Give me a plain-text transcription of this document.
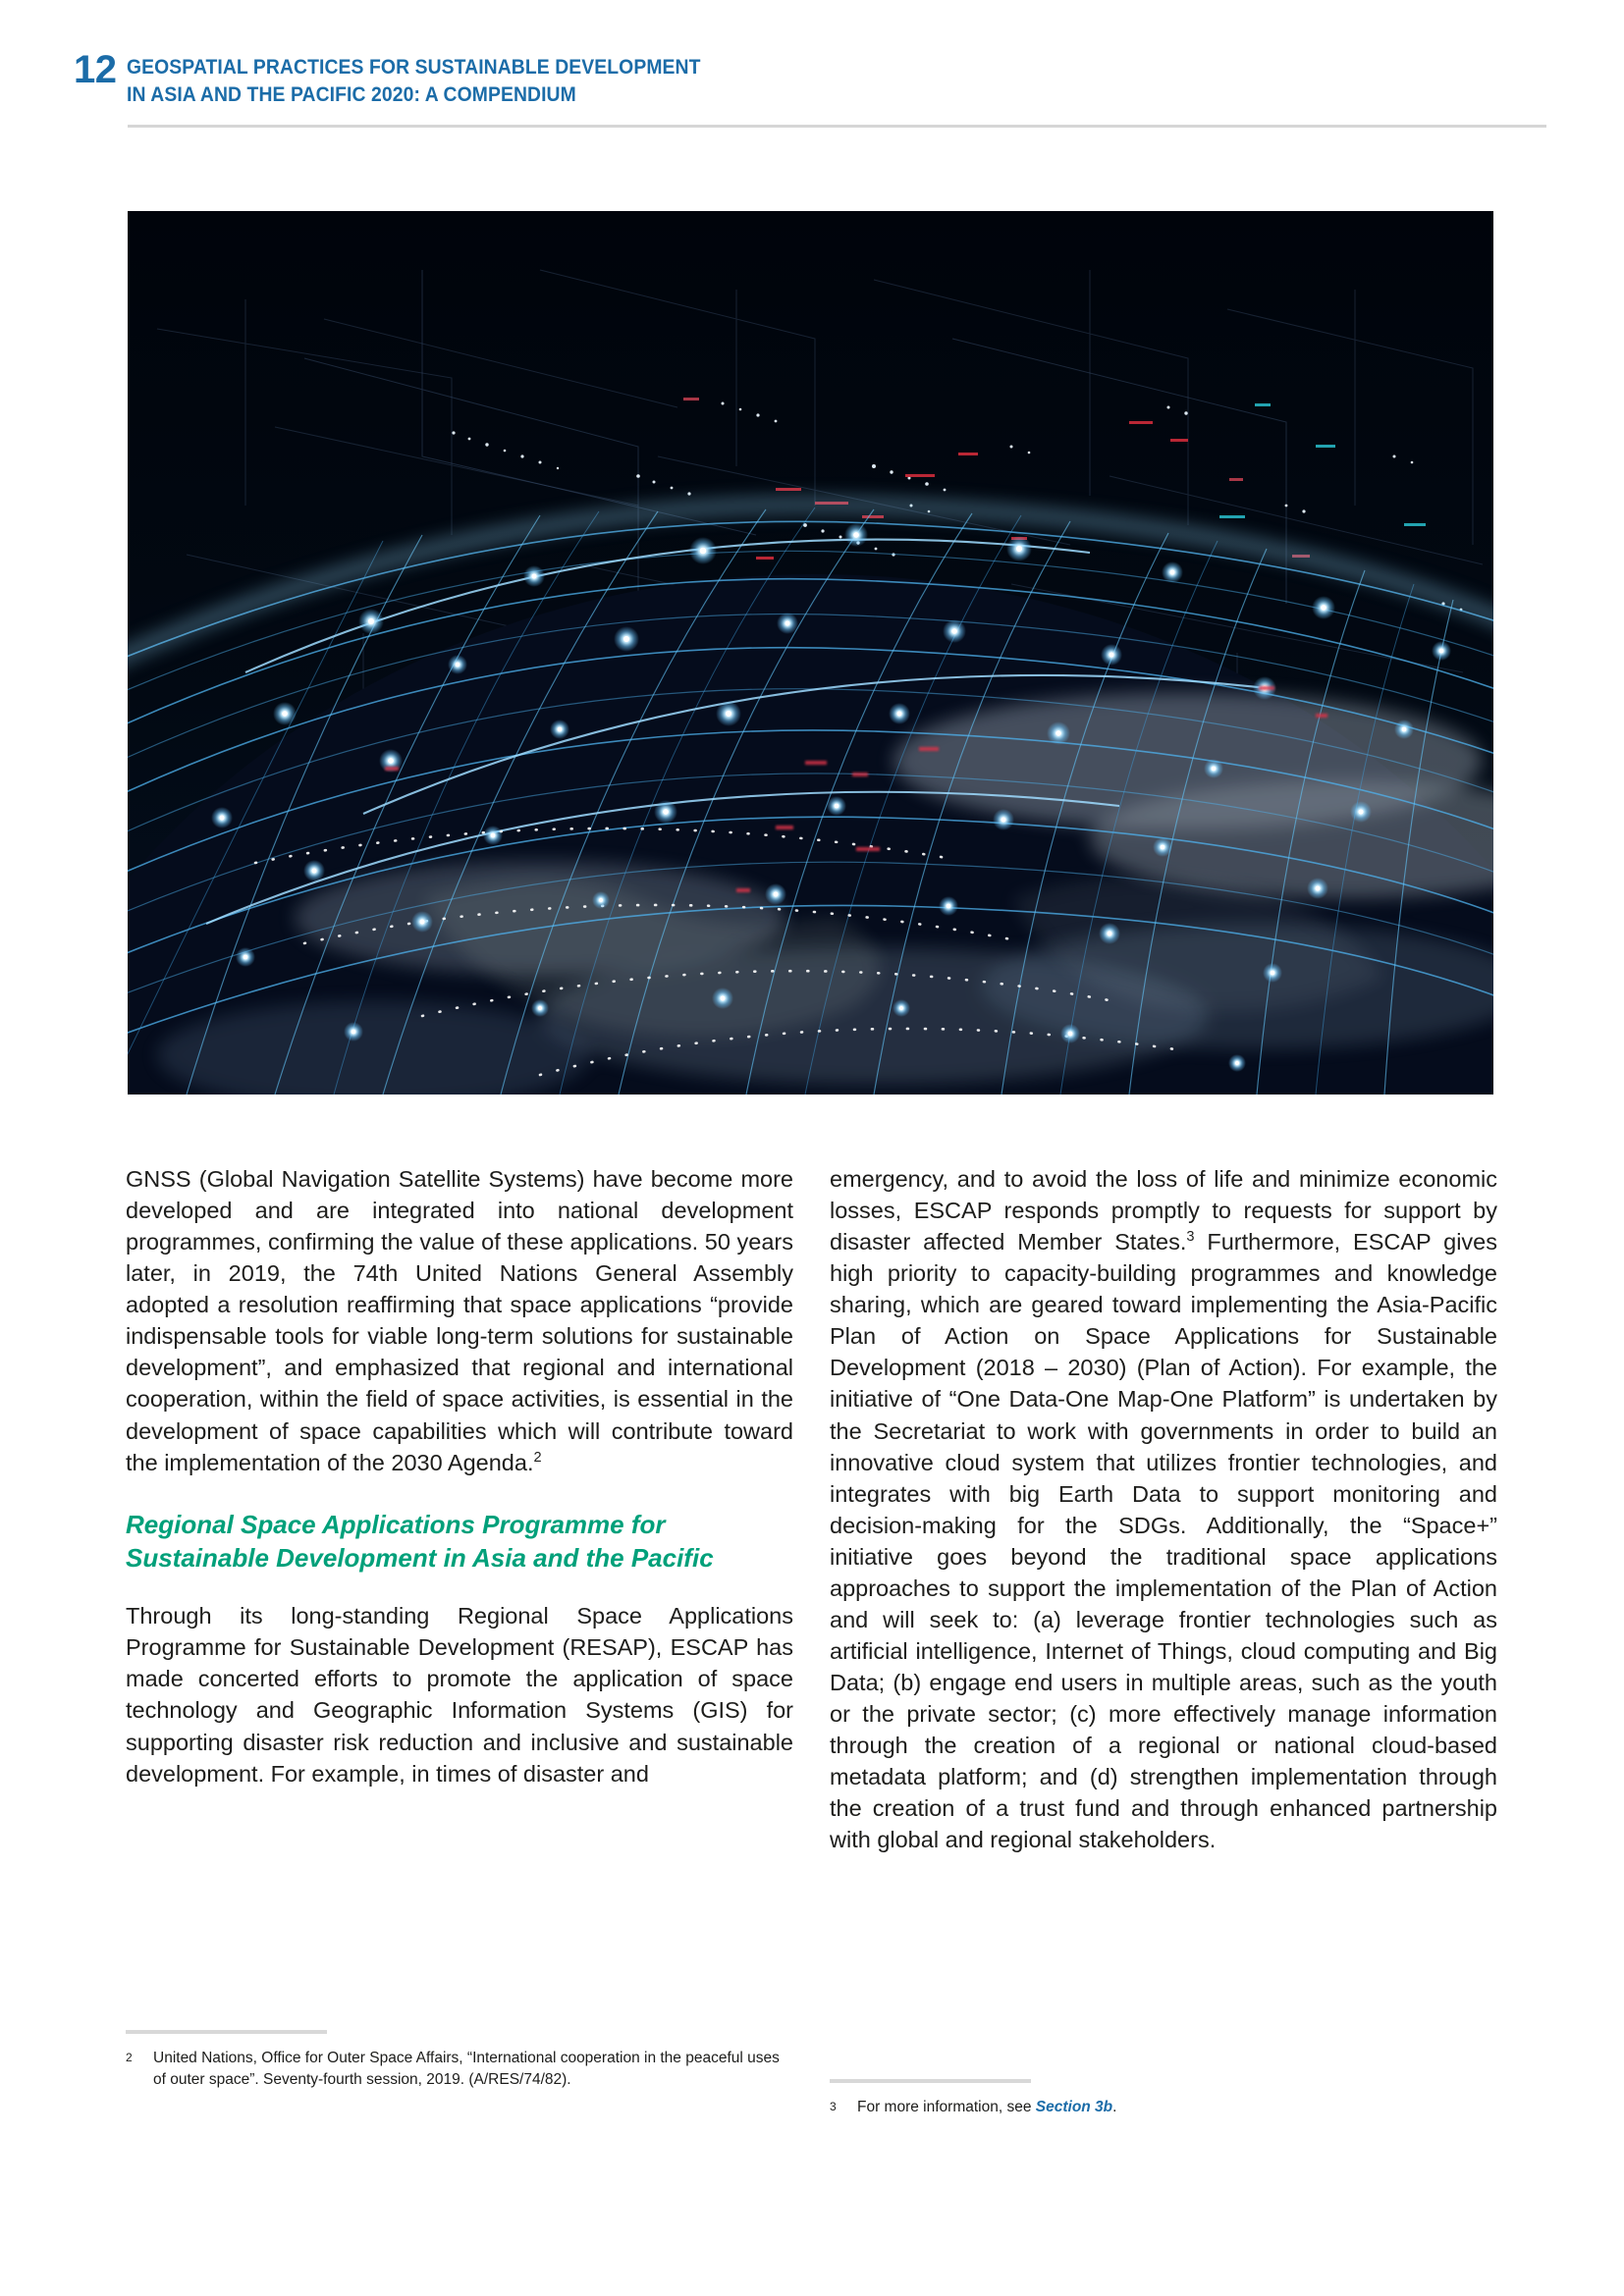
12 GEOSPATIAL PRACTICES FOR SUSTAINABLE DEVELOPMENT
IN ASIA AND THE PACIFIC 2020: A COMPENDIUM

GNSS (Global Navigation Satellite Systems) have become more developed and are integrated into national development programmes, confirming the value of these applications. 50 years later, in 2019, the 74th United Nations General Assembly adopted a resolution reaffirming that space applications “provide indispensable tools for viable long-term solutions for sustainable development”, and emphasized that regional and international cooperation, within the field of space activities, is essential in the development of space capabilities which will contribute toward the implementation of the 2030 Agenda.$^2$

Regional Space Applications Programme for Sustainable Development in Asia and the Pacific

Through its long-standing Regional Space Applications Programme for Sustainable Development (RESAP), ESCAP has made concerted efforts to promote the application of space technology and Geographic Information Systems (GIS) for supporting disaster risk reduction and inclusive and sustainable development. For example, in times of disaster and

emergency, and to avoid the loss of life and minimize economic losses, ESCAP responds promptly to requests for support by disaster affected Member States.$^3$ Furthermore, ESCAP gives high priority to capacity-building programmes and knowledge sharing, which are geared toward implementing the Asia-Pacific Plan of Action on Space Applications for Sustainable Development (2018 – 2030) (Plan of Action). For example, the initiative of “One Data-One Map-One Platform” is undertaken by the Secretariat to work with governments in order to build an innovative cloud system that utilizes frontier technologies, and integrates with big Earth Data to support monitoring and decision-making for the SDGs. Additionally, the “Space+” initiative goes beyond the traditional space applications approaches to support the implementation of the Plan of Action and will seek to: (a) leverage frontier technologies such as artificial intelligence, Internet of Things, cloud computing and Big Data; (b) engage end users in multiple areas, such as the youth or the private sector; (c) more effectively manage information through the creation of a regional or national cloud-based metadata platform; and (d) strengthen implementation through the creation of a trust fund and through enhanced partnership with global and regional stakeholders.

2	United Nations, Office for Outer Space Affairs, “International cooperation in the peaceful uses of outer space”. Seventy-fourth session, 2019. (A/RES/74/82).
3	For more information, see Section 3b.
